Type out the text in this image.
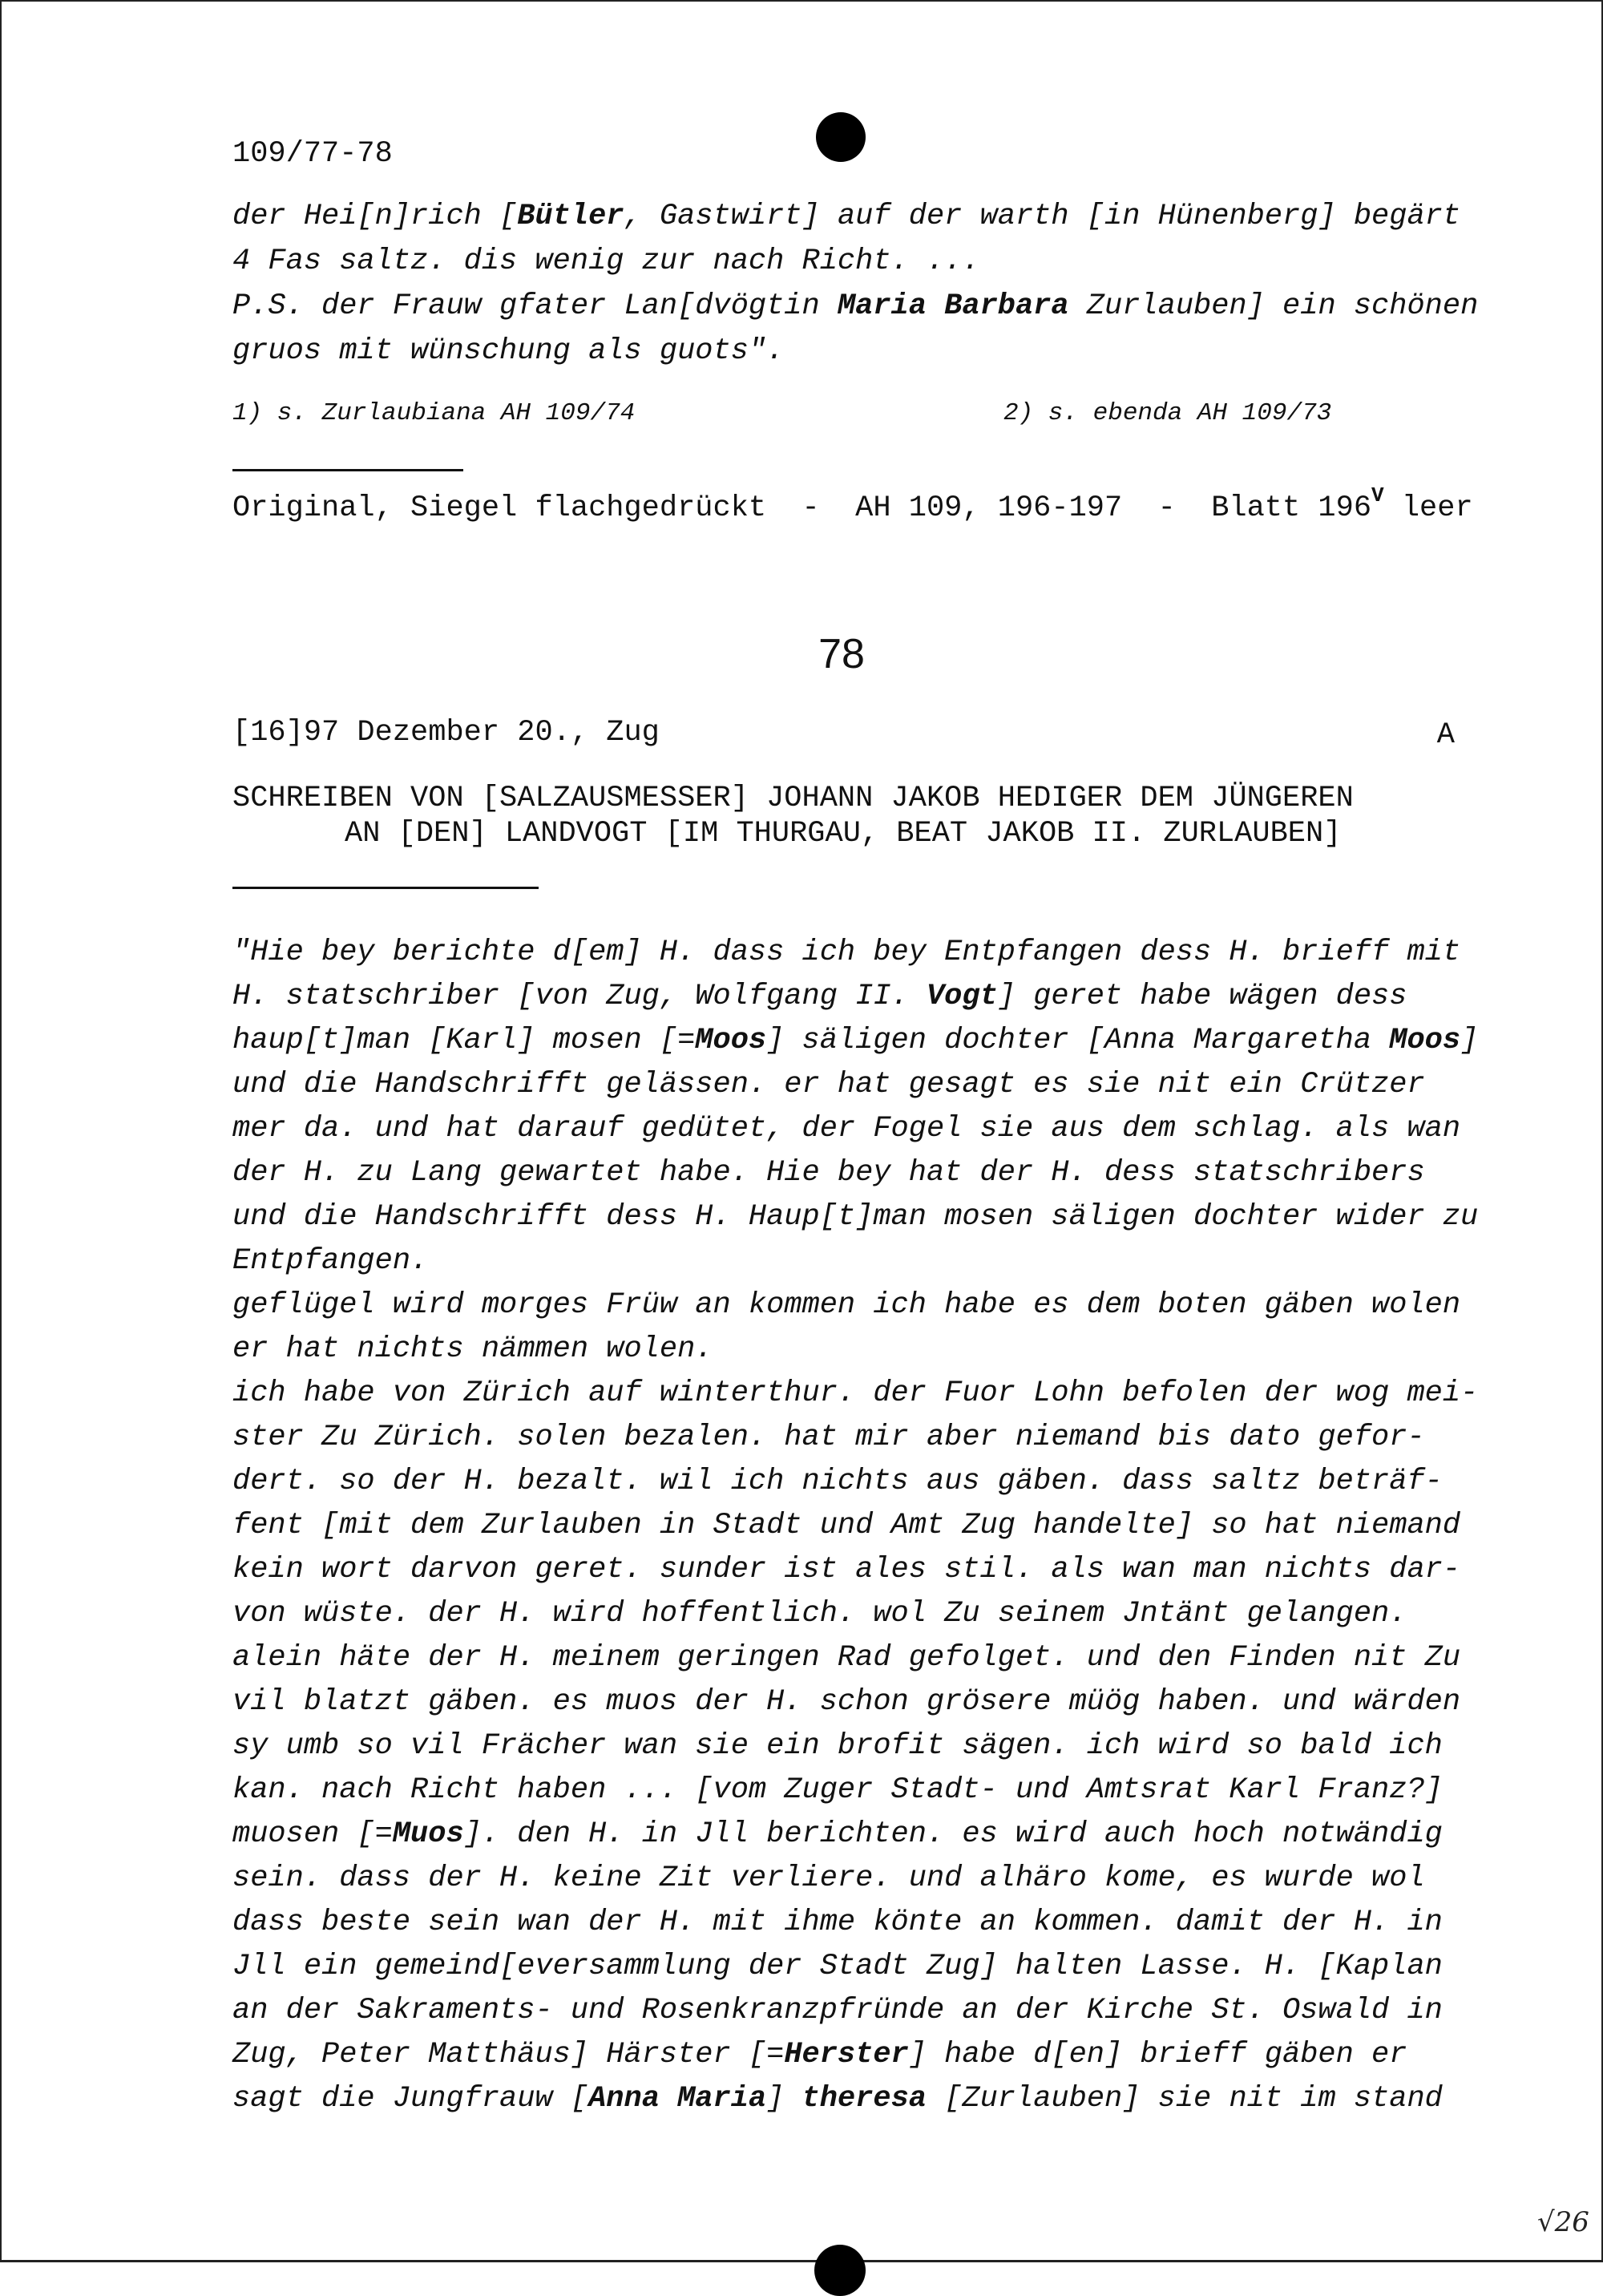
109/77-78
der Hei[n]rich [Bütler, Gastwirt] auf der warth [in Hünenberg] begärt
4 Fas saltz. dis wenig zur nach Richt. ...
P.S. der Frauw gfater Lan[dvögtin Maria Barbara Zurlauben] ein schönen
gruos mit wünschung als guots".
1) s. Zurlaubiana AH 109/74	2) s. ebenda AH 109/73
Original, Siegel flachgedrückt  -  AH 109, 196-197  -  Blatt $196^V$ leer
78
[16]97 Dezember 20., Zug	A
SCHREIBEN VON [SALZAUSMESSER] JOHANN JAKOB HEDIGER DEM JÜNGEREN
AN [DEN] LANDVOGT [IM THURGAU, BEAT JAKOB II. ZURLAUBEN]
"Hie bey berichte d[em] H. dass ich bey Entpfangen dess H. brieff mit
H. statschriber [von Zug, Wolfgang II. Vogt] geret habe wägen dess
haup[t]man [Karl] mosen [=Moos] säligen dochter [Anna Margaretha Moos]
und die Handschrifft gelässen. er hat gesagt es sie nit ein Crützer
mer da. und hat darauf gedütet, der Fogel sie aus dem schlag. als wan
der H. zu Lang gewartet habe. Hie bey hat der H. dess statschribers
und die Handschrifft dess H. Haup[t]man mosen säligen dochter wider zu
Entpfangen.
geflügel wird morges Früw an kommen ich habe es dem boten gäben wolen
er hat nichts nämmen wolen.
ich habe von Zürich auf winterthur. der Fuor Lohn befolen der wog mei-
ster Zu Zürich. solen bezalen. hat mir aber niemand bis dato gefor-
dert. so der H. bezalt. wil ich nichts aus gäben. dass saltz beträf-
fent [mit dem Zurlauben in Stadt und Amt Zug handelte] so hat niemand
kein wort darvon geret. sunder ist ales stil. als wan man nichts dar-
von wüste. der H. wird hoffentlich. wol Zu seinem Jntänt gelangen.
alein häte der H. meinem geringen Rad gefolget. und den Finden nit Zu
vil blatzt gäben. es muos der H. schon grösere müög haben. und wärden
sy umb so vil Frächer wan sie ein brofit sägen. ich wird so bald ich
kan. nach Richt haben ... [vom Zuger Stadt- und Amtsrat Karl Franz?]
muosen [=Muos]. den H. in Jll berichten. es wird auch hoch notwändig
sein. dass der H. keine Zit verliere. und alhäro kome, es wurde wol
dass beste sein wan der H. mit ihme könte an kommen. damit der H. in
Jll ein gemeind[eversammlung der Stadt Zug] halten Lasse. H. [Kaplan
an der Sakraments- und Rosenkranzpfründe an der Kirche St. Oswald in
Zug, Peter Matthäus] Härster [=Herster] habe d[en] brieff gäben er
sagt die Jungfrauw [Anna Maria] theresa [Zurlauben] sie nit im stand
√26
